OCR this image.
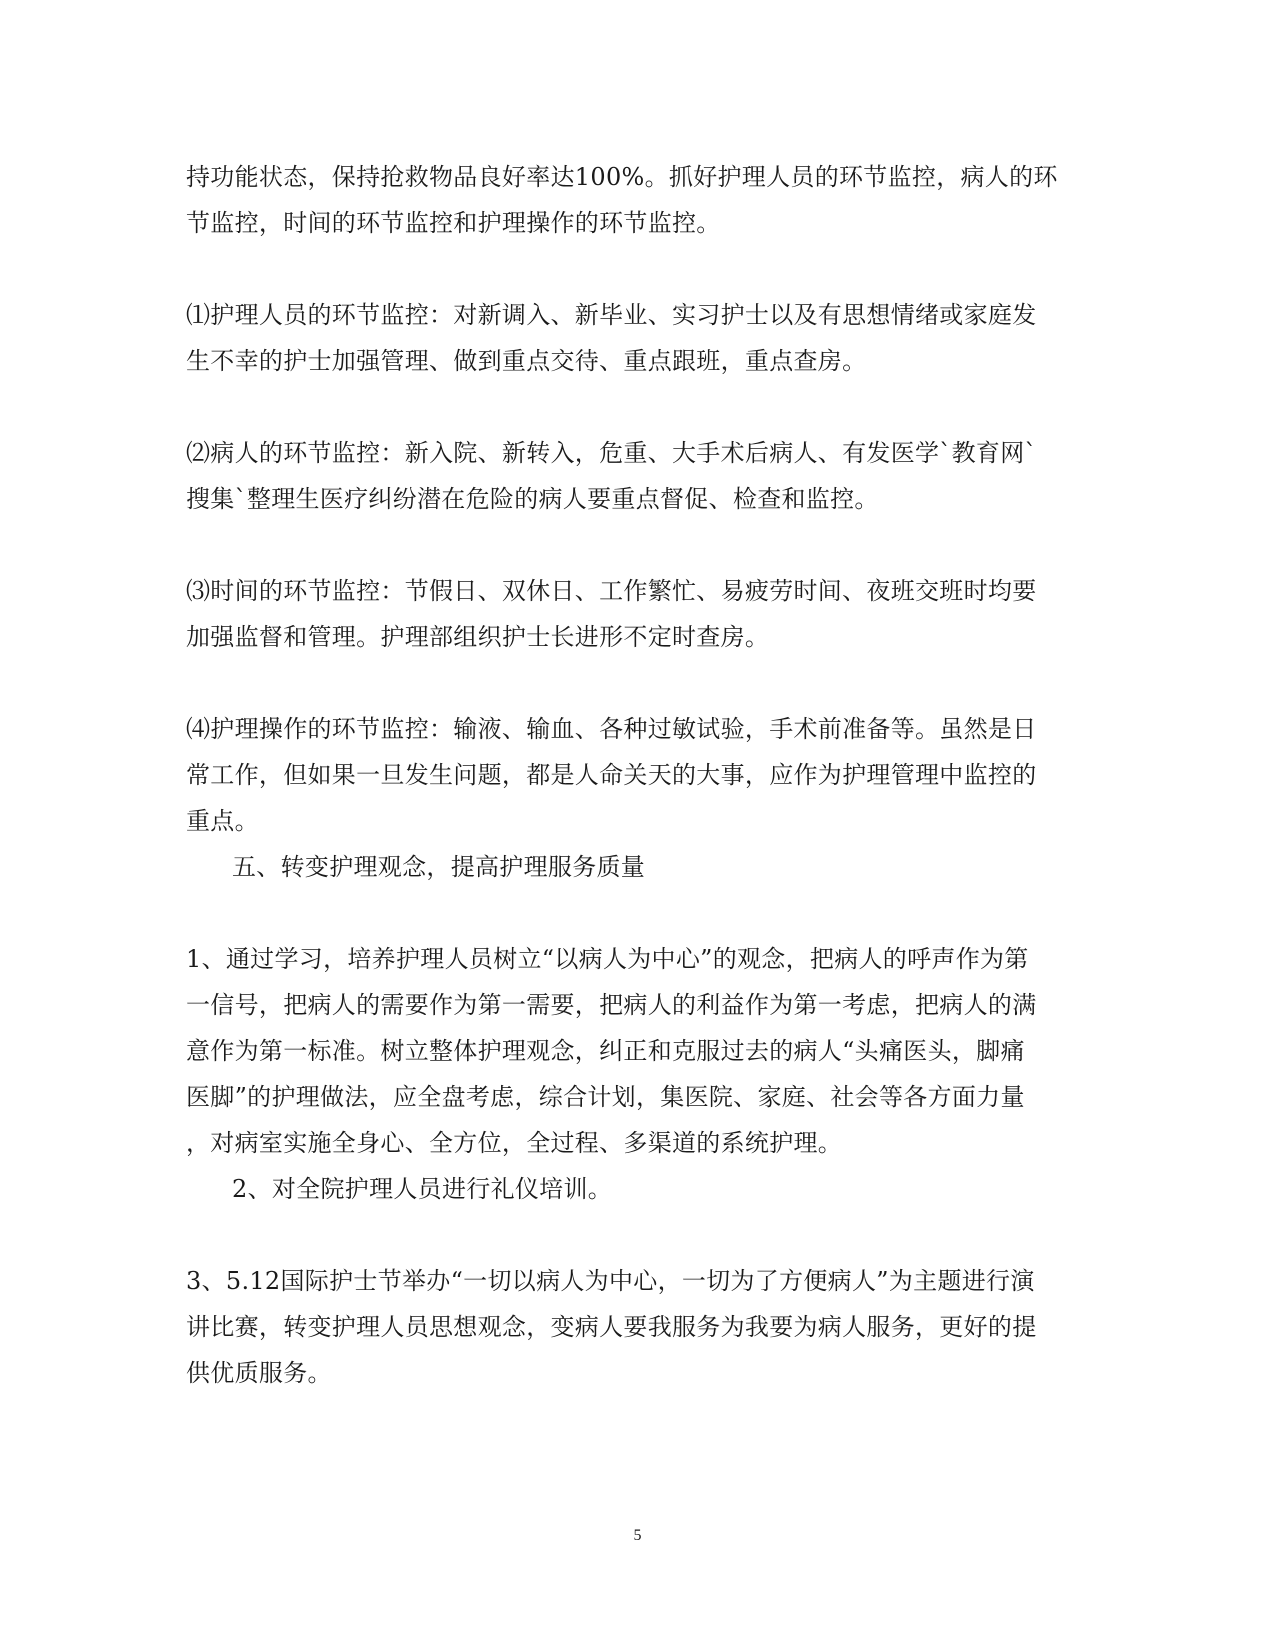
持功能状态，保持抢救物品良好率达100%。抓好护理人员的环节监控，病人的环
节监控，时间的环节监控和护理操作的环节监控。
⑴护理人员的环节监控：对新调入、新毕业、实习护士以及有思想情绪或家庭发
生不幸的护士加强管理、做到重点交待、重点跟班，重点查房。
⑵病人的环节监控：新入院、新转入，危重、大手术后病人、有发医学`教育网`
搜集`整理生医疗纠纷潜在危险的病人要重点督促、检查和监控。
⑶时间的环节监控：节假日、双休日、工作繁忙、易疲劳时间、夜班交班时均要
加强监督和管理。护理部组织护士长进形不定时查房。
⑷护理操作的环节监控：输液、输血、各种过敏试验，手术前准备等。虽然是日
常工作，但如果一旦发生问题，都是人命关天的大事，应作为护理管理中监控的
重点。
五、转变护理观念，提高护理服务质量
1、通过学习，培养护理人员树立“以病人为中心”的观念，把病人的呼声作为第
一信号，把病人的需要作为第一需要，把病人的利益作为第一考虑，把病人的满
意作为第一标准。树立整体护理观念，纠正和克服过去的病人“头痛医头，脚痛
医脚”的护理做法，应全盘考虑，综合计划，集医院、家庭、社会等各方面力量
，对病室实施全身心、全方位，全过程、多渠道的系统护理。
2、对全院护理人员进行礼仪培训。
3、5.12国际护士节举办“一切以病人为中心，一切为了方便病人”为主题进行演
讲比赛，转变护理人员思想观念，变病人要我服务为我要为病人服务，更好的提
供优质服务。
5
